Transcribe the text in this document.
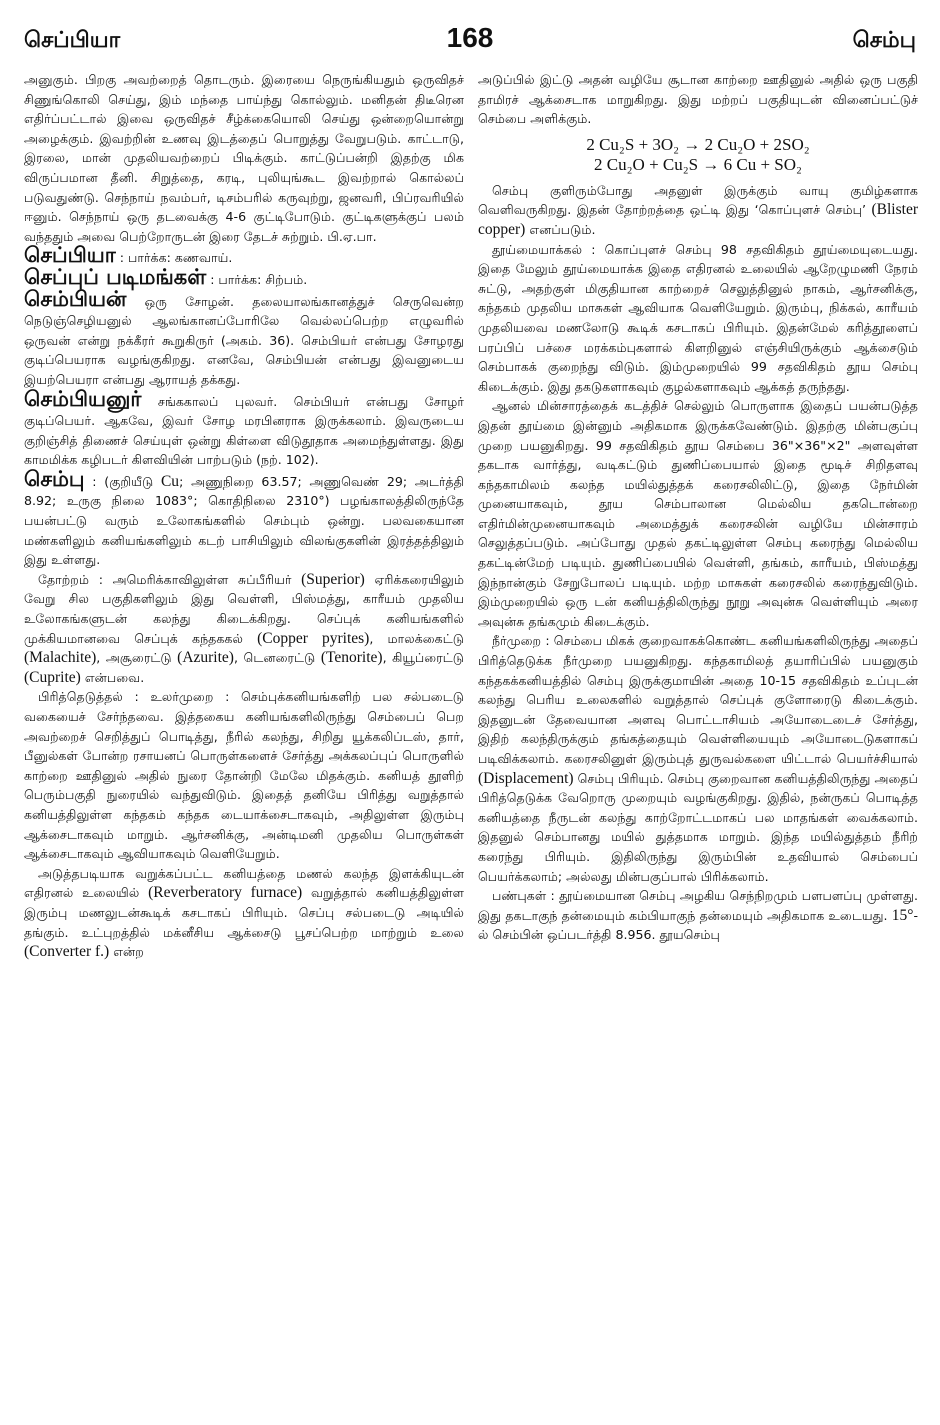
செப்பியா	168	செம்பு

அனுகும். பிறகு அவற்றைத் தொடரும். இரையை நெருங்கியதும் ஒருவிதச் சிணுங்கொலி செய்து, இம் மந்தை பாய்ந்து கொல்லும். மனிதன் திடீரென எதிர்ப்பட்டால் இவை ஒருவிதச் சீழ்க்கையொலி செய்து ஒன்றையொன்று அழைக்கும். இவற்றின் உணவு இடத்தைப் பொறுத்து வேறுபடும். காட்டாடு, இரலை, மான் முதலியவற்றைப் பிடிக்கும். காட்டுப்பன்றி இதற்கு மிக விருப்பமான தீனி. சிறுத்தை, கரடி, புலியுங்கூட இவற்றால் கொல்லப் படுவதுண்டு. செந்நாய் நவம்பர், டிசம்பரில் கருவுற்று, ஜனவரி, பிப்ரவரியில் ஈனும். செந்நாய் ஒரு தடவைக்கு 4-6 குட்டிபோடும். குட்டிகளுக்குப் பலம் வந்ததும் அவை பெற்றோருடன் இரை தேடச் சுற்றும். பி.ஏ.பா.

செப்பியா : பார்க்க: கணவாய்.

செப்புப் படிமங்கள் : பார்க்க: சிற்பம்.

செம்பியன் ஒரு சோழன். தலையாலங்கானத்துச் செருவென்ற நெடுஞ்செழியனுல் ஆலங்கானப்போரிலே வெல்லப்பெற்ற எழுவரில் ஒருவன் என்று நக்கீரர் கூறுகிருர் (அகம். 36). செம்பியர் என்பது சோழரது குடிப்பெயராக வழங்குகிறது. எனவே, செம்பியன் என்பது இவனுடைய இயற்பெயரா என்பது ஆராயத் தக்கது.

செம்பியனுர் சங்ககாலப் புலவர். செம்பியர் என்பது சோழர் குடிப்பெயர். ஆகவே, இவர் சோழ மரபினராக இருக்கலாம். இவருடைய குறிஞ்சித் திணைச் செய்யுள் ஒன்று கிள்ளை விடுதூதாக அமைந்துள்ளது. இது காமமிக்க கழிபடர் கிளவியின் பாற்படும் (நற். 102).

செம்பு : (குறியீடு Cu; அணுநிறை 63.57; அணுவெண் 29; அடர்த்தி 8.92; உருகு நிலை 1083°; கொதிநிலை 2310°) பழங்காலத்திலிருந்தே பயன்பட்டு வரும் உலோகங்களில் செம்பும் ஒன்று. பலவகையான மண்களிலும் கனியங்களிலும் கடற் பாசியிலும் விலங்குகளின் இரத்தத்திலும் இது உள்ளது.

தோற்றம் : அமெரிக்காவிலுள்ள சுப்பீரியர் (Superior) ஏரிக்கரையிலும் வேறு சில பகுதிகளிலும் இது வெள்ளி, பிஸ்மத்து, காரீயம் முதலிய உலோகங்களுடன் கலந்து கிடைக்கிறது. செப்புக் கனியங்களில் முக்கியமானவை செப்புக் கந்தககல் (Copper pyrites), மாலக்கைட்டு (Malachite), அசூரைட்டு (Azurite), டெனரைட்டு (Tenorite), கியூப்ரைட்டு (Cuprite) என்பவை.

பிரித்தெடுத்தல் : உலர்முறை : செம்புக்கனியங்களிற் பல சல்படைடு வகையைச் சேர்ந்தவை. இத்தகைய கனியங்களிலிருந்து செம்பைப் பெற அவற்றைச் செறித்துப் பொடித்து, நீரில் கலந்து, சிறிது யூக்கலிப்டஸ், தார், பீனுல்கள் போன்ற ரசாயனப் பொருள்களைச் சேர்த்து அக்கலப்புப் பொருளில் காற்றை ஊதினுல் அதில் நுரை தோன்றி மேலே மிதக்கும். கனியத் தூளிற் பெரும்பகுதி நுரையில் வந்துவிடும். இதைத் தனியே பிரித்து வறுத்தால் கனியத்திலுள்ள கந்தகம் கந்தக டையாக்சைடாகவும், அதிலுள்ள இரும்பு ஆக்சைடாகவும் மாறும். ஆர்சனிக்கு, அன்டிமனி முதலிய பொருள்கள் ஆக்சைடாகவும் ஆவியாகவும் வெளியேறும்.

அடுத்தபடியாக வறுக்கப்பட்ட கனியத்தை மணல் கலந்த இளக்கியுடன் எதிரனல் உலையில் (Reverberatory furnace) வறுத்தால் கனியத்திலுள்ள இரும்பு மணலுடன்கூடிக் கசடாகப் பிரியும். செப்பு சல்படைடு அடியில் தங்கும். உட்புறத்தில் மக்னீசிய ஆக்சைடு பூசப்பெற்ற மாற்றும் உலை (Converter f.) என்ற

அடுப்பில் இட்டு அதன் வழியே சூடான காற்றை ஊதினுல் அதில் ஒரு பகுதி தாமிரச் ஆக்சைடாக மாறுகிறது. இது மற்றப் பகுதியுடன் வினைப்பட்டுச் செம்பை அளிக்கும்.

2 Cu₂S + 3O₂ → 2 Cu₂O + 2SO₂
2 Cu₂O + Cu₂S → 6 Cu + SO₂

செம்பு குளிரும்போது அதனுள் இருக்கும் வாயு குமிழ்களாக வெளிவருகிறது. இதன் தோற்றத்தை ஒட்டி இது ‘கொப்புளச் செம்பு’ (Blister copper) எனப்படும்.

தூய்மையாக்கல் : கொப்புளச் செம்பு 98 சதவிகிதம் தூய்மையுடையது. இதை மேலும் தூய்மையாக்க இதை எதிரனல் உலையில் ஆறேழுமணி நேரம் சுட்டு, அதற்குள் மிகுதியான காற்றைச் செலுத்தினுல் நாகம், ஆர்சனிக்கு, கந்தகம் முதலிய மாசுகள் ஆவியாக வெளியேறும். இரும்பு, நிக்கல், காரீயம் முதலியவை மணலோடு கூடிக் கசடாகப் பிரியும். இதன்மேல் கரித்தூளைப் பரப்பிப் பச்சை மரக்கம்புகளால் கிளறினுல் எஞ்சியிருக்கும் ஆக்சைடும் செம்பாகக் குறைந்து விடும். இம்முறையில் 99 சதவிகிதம் தூய செம்பு கிடைக்கும். இது தகடுகளாகவும் குழல்களாகவும் ஆக்கத் தருந்தது.

ஆனல் மின்சாரத்தைக் கடத்திச் செல்லும் பொருளாக இதைப் பயன்படுத்த இதன் தூய்மை இன்னும் அதிகமாக இருக்கவேண்டும். இதற்கு மின்பகுப்பு முறை பயனுகிறது. 99 சதவிகிதம் தூய செம்பை 36"×36"×2" அளவுள்ள தகடாக வார்த்து, வடிகட்டும் துணிப்பையால் இதை மூடிச் சிறிதளவு கந்தகாமிலம் கலந்த மயில்துத்தக் கரைசலிலிட்டு, இதை நேர்மின் முனையாகவும், தூய செம்பாலான மெல்லிய தகடொன்றை எதிர்மின்முனையாகவும் அமைத்துக் கரைசலின் வழியே மின்சாரம் செலுத்தப்படும். அப்போது முதல் தகட்டிலுள்ள செம்பு கரைந்து மெல்லிய தகட்டின்மேற் படியும். துணிப்பையில் வெள்ளி, தங்கம், காரீயம், பிஸ்மத்து இந்நான்கும் சேறுபோலப் படியும். மற்ற மாசுகள் கரைசலில் கரைந்துவிடும். இம்முறையில் ஒரு டன் கனியத்திலிருந்து நூறு அவுன்சு வெள்ளியும் அரை அவுன்சு தங்கமும் கிடைக்கும்.

நீர்முறை : செம்பை மிகக் குறைவாகக்கொண்ட கனியங்களிலிருந்து அதைப் பிரித்தெடுக்க நீர்முறை பயனுகிறது. கந்தகாமிலத் தயாரிப்பில் பயனுகும் கந்தகக்கனியத்தில் செம்பு இருக்குமாயின் அதை 10-15 சதவிகிதம் உப்புடன் கலந்து பெரிய உலைகளில் வறுத்தால் செப்புக் குளோரைடு கிடைக்கும். இதனுடன் தேவையான அளவு பொட்டாசியம் அயோடைடைச் சேர்த்து, இதிற் கலந்திருக்கும் தங்கத்தையும் வெள்ளியையும் அயோடைடுகளாகப் படிவிக்கலாம். கரைசலினுள் இரும்புத் துருவல்களை யிட்டால் பெயர்ச்சியால் (Displacement) செம்பு பிரியும். செம்பு குறைவான கனியத்திலிருந்து அதைப் பிரித்தெடுக்க வேறொரு முறையும் வழங்குகிறது. இதில், நன்ருகப் பொடித்த கனியத்தை நீருடன் கலந்து காற்றோட்டமாகப் பல மாதங்கள் வைக்கலாம். இதனுல் செம்பானது மயில் துத்தமாக மாறும். இந்த மயில்துத்தம் நீரிற் கரைந்து பிரியும். இதிலிருந்து இரும்பின் உதவியால் செம்பைப் பெயர்க்கலாம்; அல்லது மின்பகுப்பால் பிரிக்கலாம்.

பண்புகள் : தூய்மையான செம்பு அழகிய செந்நிறமும் பளபளப்பு முள்ளது. இது தகடாகுந் தன்மையும் கம்பியாகுந் தன்மையும் அதிகமாக உடையது. 15°-ல் செம்பின் ஒப்படர்த்தி 8.956. தூயசெம்பு
